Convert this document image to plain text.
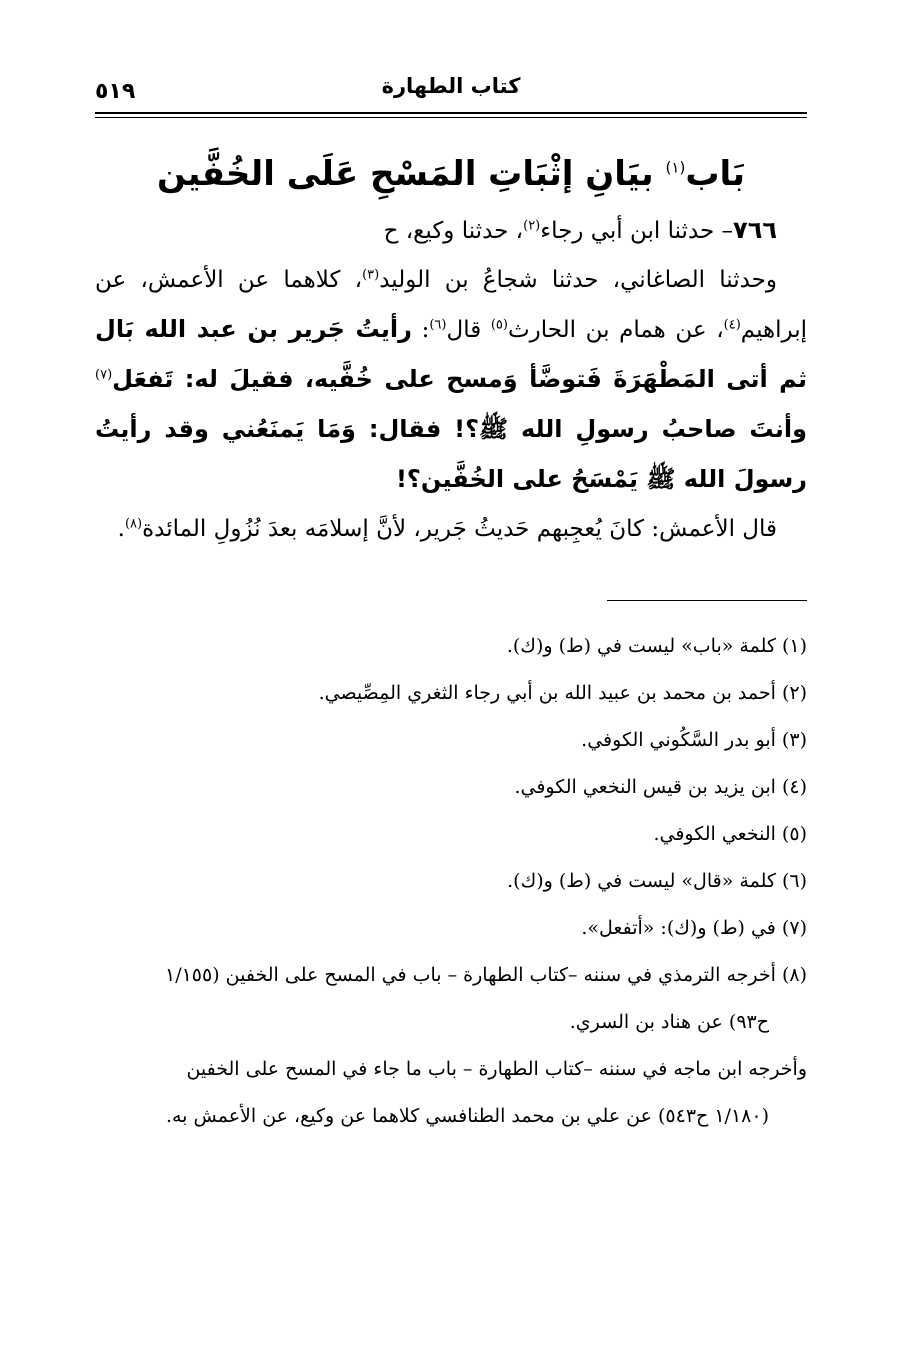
كتاب الطهارة
٥١٩
بَاب$^{(١)}$ بيَانِ إثْبَاتِ المَسْحِ عَلَى الخُفَّين

٧٦٦– حدثنا ابن أبي رجاء$^{(٢)}$، حدثنا وكيع، ح

وحدثنا الصاغاني، حدثنا شجاعُ بن الوليد$^{(٣)}$، كلاهما عن الأعمش، عن إبراهيم$^{(٤)}$، عن همام بن الحارث$^{(٥)}$ قال$^{(٦)}$: رأيتُ جَرير بن عبد الله بَال ثم أتى المَطْهَرَةَ فَتوضَّأ وَمسح على خُفَّيه، فقيلَ له: تَفعَل$^{(٧)}$ وأنتَ صاحبُ رسولِ الله ﷺ؟! فقال: وَمَا يَمنَعُني وقد رأيتُ رسولَ الله ﷺ يَمْسَحُ على الخُفَّين؟!

قال الأعمش: كانَ يُعجِبهم حَديثُ جَرير، لأنَّ إسلامَه بعدَ نُزُولِ المائدة$^{(٨)}$.

(١) كلمة «باب» ليست في (ط) و(ك).

(٢) أحمد بن محمد بن عبيد الله بن أبي رجاء الثغري المِصِّيصي.

(٣) أبو بدر السَّكُوني الكوفي.

(٤) ابن يزيد بن قيس النخعي الكوفي.

(٥) النخعي الكوفي.

(٦) كلمة «قال» ليست في (ط) و(ك).

(٧) في (ط) و(ك): «أتفعل».

(٨) أخرجه الترمذي في سننه –كتاب الطهارة – باب في المسح على الخفين (١/١٥٥

ح٩٣) عن هناد بن السري.

وأخرجه ابن ماجه في سننه –كتاب الطهارة – باب ما جاء في المسح على الخفين

(١/١٨٠ ح٥٤٣) عن علي بن محمد الطنافسي كلاهما عن وكيع، عن الأعمش به.
